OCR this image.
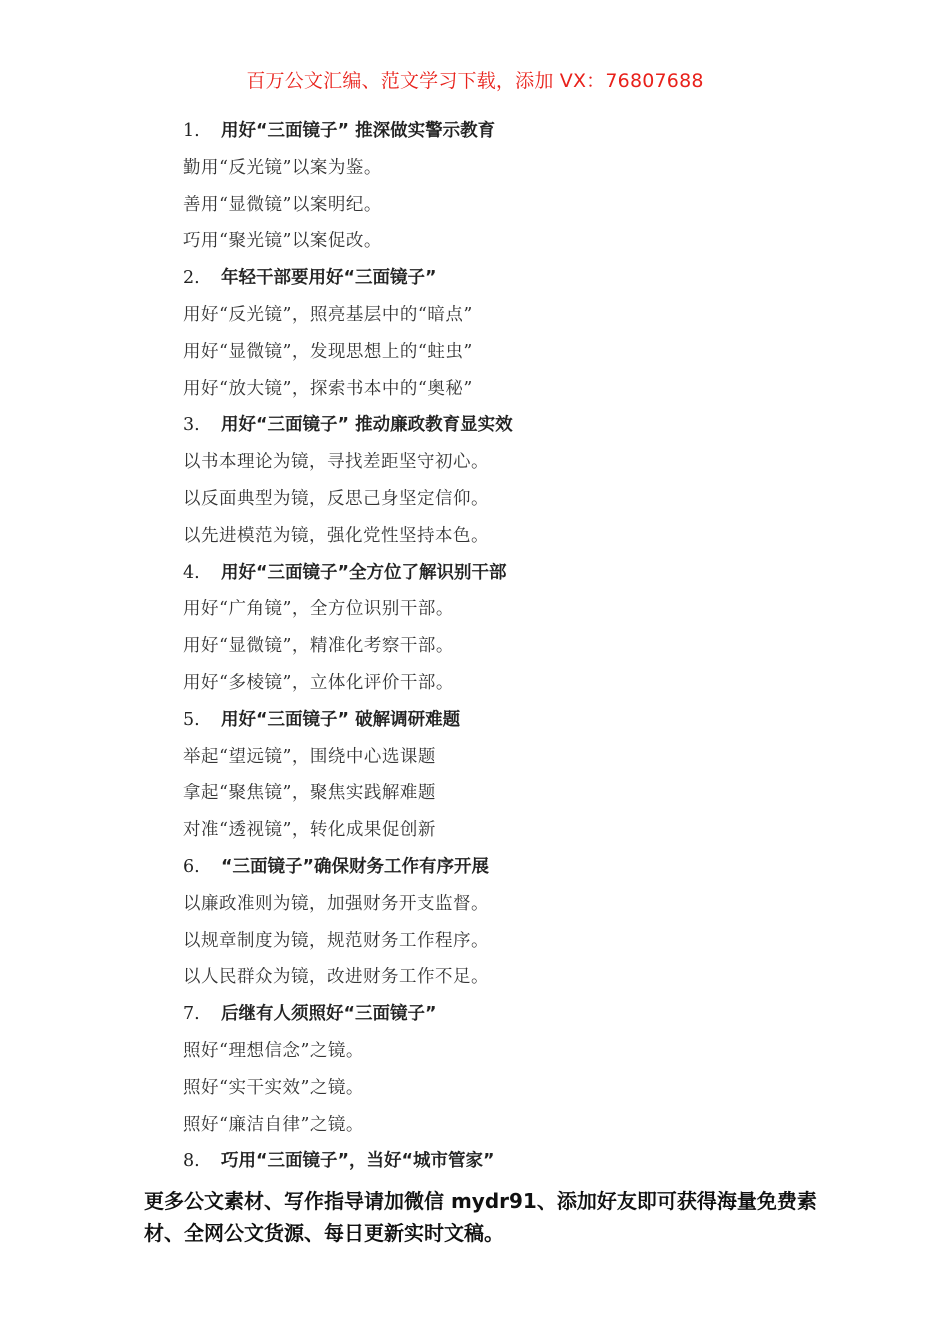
百万公文汇编、范文学习下载，添加 VX：76807688
1. 用好“三面镜子” 推深做实警示教育
勤用“反光镜”以案为鉴。
善用“显微镜”以案明纪。
巧用“聚光镜”以案促改。
2. 年轻干部要用好“三面镜子”
用好“反光镜”，照亮基层中的“暗点”
用好“显微镜”，发现思想上的“蛀虫”
用好“放大镜”，探索书本中的“奥秘”
3. 用好“三面镜子” 推动廉政教育显实效
以书本理论为镜，寻找差距坚守初心。
以反面典型为镜，反思己身坚定信仰。
以先进模范为镜，强化党性坚持本色。
4. 用好“三面镜子”全方位了解识别干部
用好“广角镜”，全方位识别干部。
用好“显微镜”，精准化考察干部。
用好“多棱镜”，立体化评价干部。
5. 用好“三面镜子” 破解调研难题
举起“望远镜”，围绕中心选课题
拿起“聚焦镜”，聚焦实践解难题
对准“透视镜”，转化成果促创新
6. “三面镜子”确保财务工作有序开展
以廉政准则为镜，加强财务开支监督。
以规章制度为镜，规范财务工作程序。
以人民群众为镜，改进财务工作不足。
7. 后继有人须照好“三面镜子”
照好“理想信念”之镜。
照好“实干实效”之镜。
照好“廉洁自律”之镜。
8. 巧用“三面镜子”，当好“城市管家”
更多公文素材、写作指导请加微信 mydr91、添加好友即可获得海量免费素材、全网公文货源、每日更新实时文稿。
